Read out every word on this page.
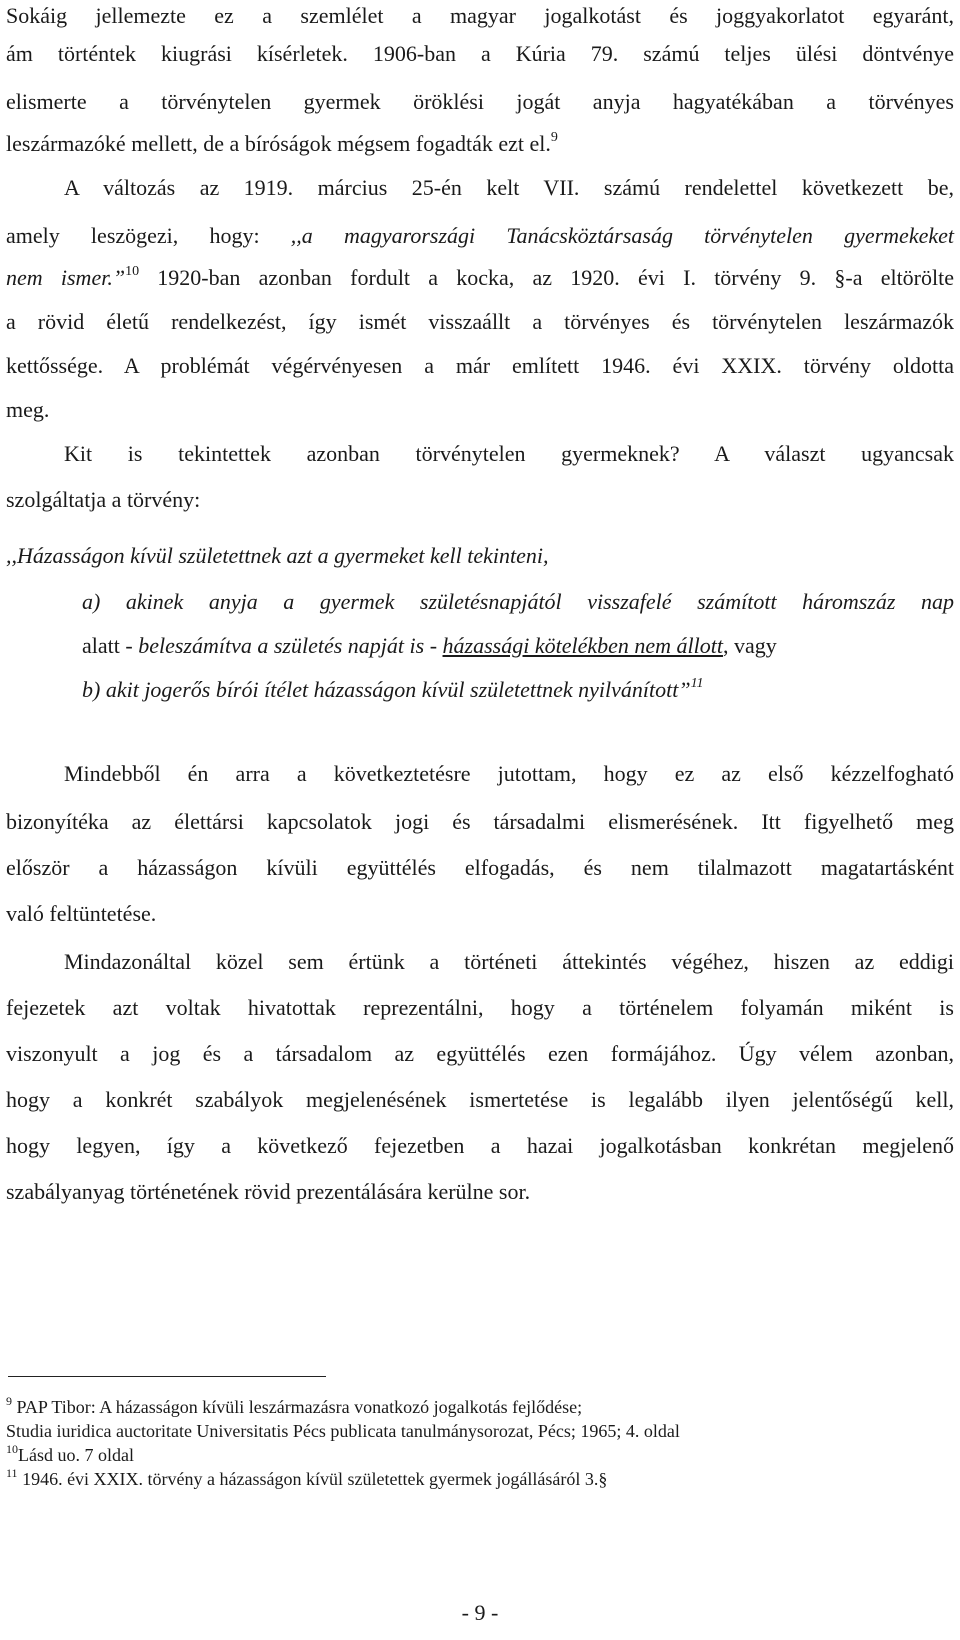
Sokáig jellemezte ez a szemlélet a magyar jogalkotást és joggyakorlatot egyaránt,
ám történtek kiugrási kísérletek. 1906-ban a Kúria 79. számú teljes ülési döntvénye
elismerte a törvénytelen gyermek öröklési jogát anyja hagyatékában a törvényes
leszármazóké mellett, de a bíróságok mégsem fogadták ezt el.$^9$
A változás az 1919. március 25-én kelt VII. számú rendelettel következett be,
amely leszögezi, hogy: ,,a magyarországi Tanácsköztársaság törvénytelen gyermekeket
nem ismer.”$^{10}$ 1920-ban azonban fordult a kocka, az 1920. évi I. törvény 9. §-a eltörölte
a rövid életű rendelkezést, így ismét visszaállt a törvényes és törvénytelen leszármazók
kettőssége. A problémát végérvényesen a már említett 1946. évi XXIX. törvény oldotta
meg.
Kit is tekintettek azonban törvénytelen gyermeknek? A választ ugyancsak
szolgáltatja a törvény:
,,Házasságon kívül születettnek azt a gyermeket kell tekinteni,
a) akinek anyja a gyermek születésnapjától visszafelé számított háromszáz nap
alatt - beleszámítva a születés napját is - házassági kötelékben nem állott, vagy
b) akit jogerős bírói ítélet házasságon kívül születettnek nyilvánított”$^{11}$
Mindebből én arra a következtetésre jutottam, hogy ez az első kézzelfogható
bizonyítéka az élettársi kapcsolatok jogi és társadalmi elismerésének. Itt figyelhető meg
először a házasságon kívüli együttélés elfogadás, és nem tilalmazott magatartásként
való feltüntetése.
Mindazonáltal közel sem értünk a történeti áttekintés végéhez, hiszen az eddigi
fejezetek azt voltak hivatottak reprezentálni, hogy a történelem folyamán miként is
viszonyult a jog és a társadalom az együttélés ezen formájához. Úgy vélem azonban,
hogy a konkrét szabályok megjelenésének ismertetése is legalább ilyen jelentőségű kell,
hogy legyen, így a következő fejezetben a hazai jogalkotásban konkrétan megjelenő
szabályanyag történetének rövid prezentálására kerülne sor.
$^9$ PAP Tibor: A házasságon kívüli leszármazásra vonatkozó jogalkotás fejlődése;
Studia iuridica auctoritate Universitatis Pécs publicata tanulmánysorozat, Pécs; 1965; 4. oldal
$^{10}$Lásd uo. 7 oldal
$^{11}$ 1946. évi XXIX. törvény a házasságon kívül születettek gyermek jogállásáról 3.§
- 9 -
